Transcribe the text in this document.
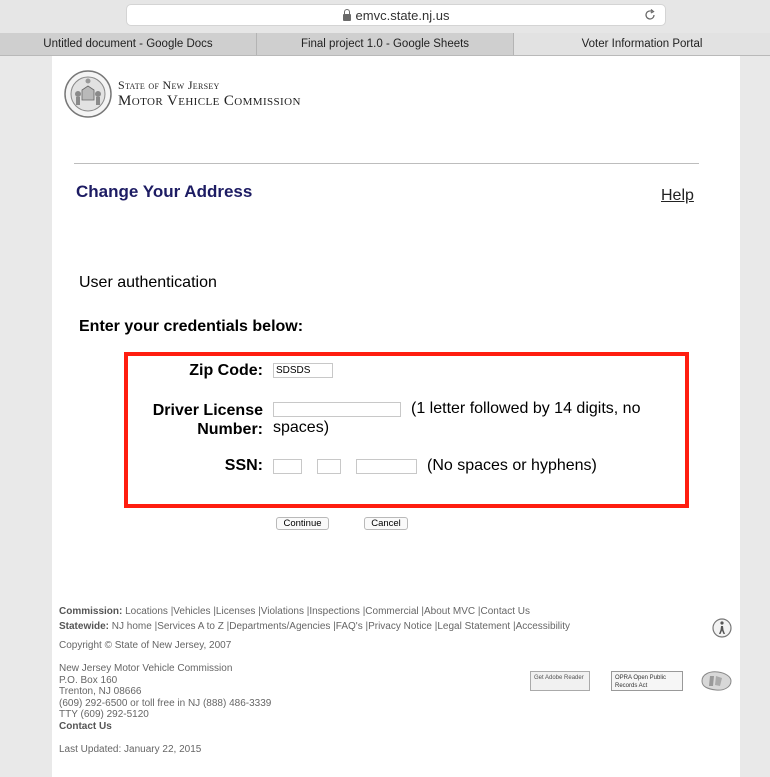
emvc.state.nj.us
Untitled document - Google Docs	Final project 1.0 - Google Sheets	Voter Information Portal
State of New Jersey
Motor Vehicle Commission
Change Your Address	Help
User authentication
Enter your credentials below:
Zip Code:
SDSDS
Driver License
Number:
(1 letter followed by 14 digits, no
spaces)
SSN:	(No spaces or hyphens)
Continue	Cancel
Commission: Locations |Vehicles |Licenses |Violations |Inspections |Commercial |About MVC |Contact Us
Statewide: NJ home |Services A to Z |Departments/Agencies |FAQ's |Privacy Notice |Legal Statement |Accessibility
Copyright © State of New Jersey, 2007
New Jersey Motor Vehicle Commission
P.O. Box 160
Trenton, NJ 08666
(609) 292-6500 or toll free in NJ (888) 486-3339
TTY (609) 292-5120
Contact Us
Last Updated: January 22, 2015
Get Adobe Reader	OPRA Open Public Records Act
